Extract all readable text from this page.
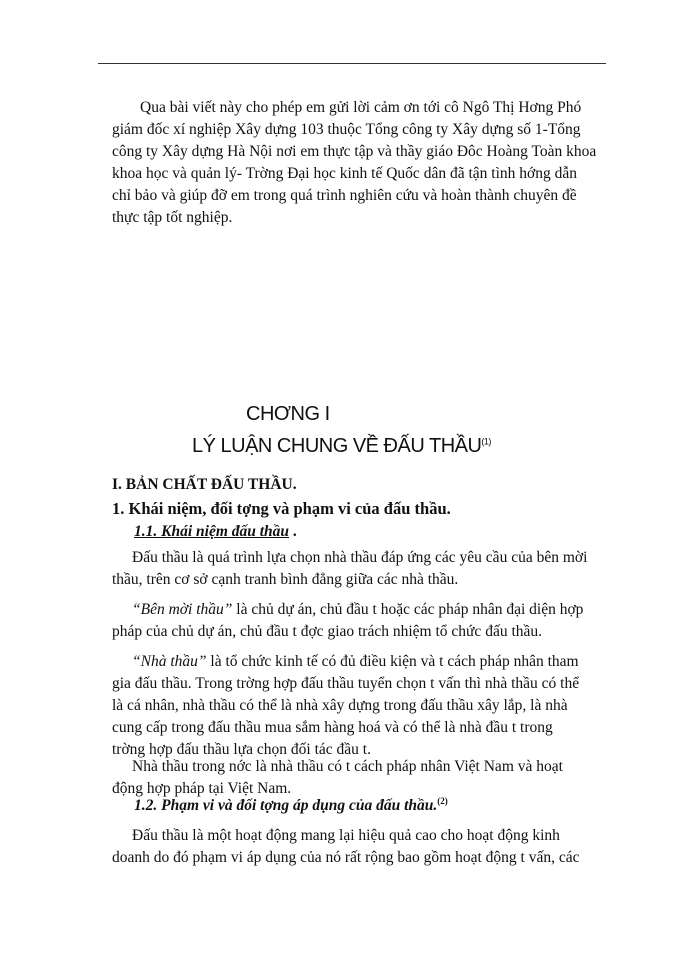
Qua bài viết này cho phép em gửi lời cảm ơn tới cô Ngô Thị Hơng Phó
giám đốc xí nghiệp Xây dựng 103 thuộc Tổng công ty Xây dựng số 1-Tổng
công ty Xây dựng Hà Nội nơi em thực tập và thầy giáo Đôc Hoàng Toàn khoa
khoa học và quản lý- Trờng Đại học kinh tế Quốc dân đã tận tình hớng dẫn
chỉ bảo và giúp đỡ em trong quá trình nghiên cứu và hoàn thành chuyên đề
thực tập tốt nghiệp.
CHƠNG I
LÝ LUẬN CHUNG VỀ ĐẤU THẦU$^{(1)}$
I. BẢN CHẤT ĐẤU THẦU.
1. Khái niệm, đối tợng và phạm vi của đấu thầu.
1.1. Khái niệm đấu thầu .
Đấu thầu là quá trình lựa chọn nhà thầu đáp ứng các yêu cầu của bên mời
thầu, trên cơ sở cạnh tranh bình đẳng giữa các nhà thầu.
“Bên mời thầu” là chủ dự án, chủ đầu t hoặc các pháp nhân đại diện hợp
pháp của chủ dự án, chủ đầu t đợc giao trách nhiệm tổ chức đấu thầu.
“Nhà thầu” là tổ chức kinh tế có đủ điều kiện và t cách pháp nhân tham
gia đấu thầu. Trong trờng hợp đấu thầu tuyển chọn t vấn thì nhà thầu có thể
là cá nhân, nhà thầu có thể là nhà xây dựng trong đấu thầu xây lắp, là nhà
cung cấp trong đấu thầu mua sắm hàng hoá và có thể là nhà đầu t trong
trờng hợp đấu thầu lựa chọn đối tác đầu t.
Nhà thầu trong nớc là nhà thầu có t cách pháp nhân Việt Nam và hoạt
động hợp pháp tại Việt Nam.
1.2. Phạm vi và đối tợng áp dụng của đấu thầu.$^{(2)}$
Đấu thầu là một hoạt động mang lại hiệu quả cao cho hoạt động kinh
doanh do đó phạm vi áp dụng của nó rất rộng bao gồm hoạt động t vấn, các
